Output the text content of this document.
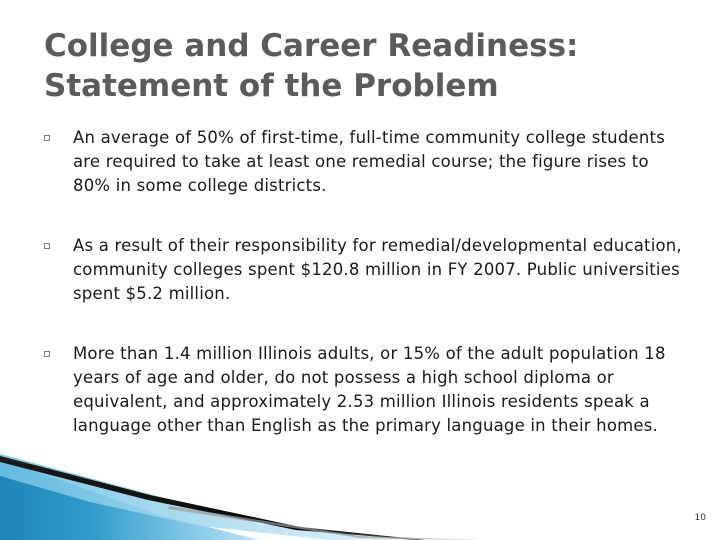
College and Career Readiness:
Statement of the Problem
An average of 50% of first-time, full-time community college students are required to take at least one remedial course; the figure rises to 80% in some college districts.
As a result of their responsibility for remedial/developmental education, community colleges spent $120.8 million in FY 2007. Public universities spent $5.2 million.
More than 1.4 million Illinois adults, or 15% of the adult population 18 years of age and older, do not possess a high school diploma or equivalent, and approximately 2.53 million Illinois residents speak a language other than English as the primary language in their homes.
10
